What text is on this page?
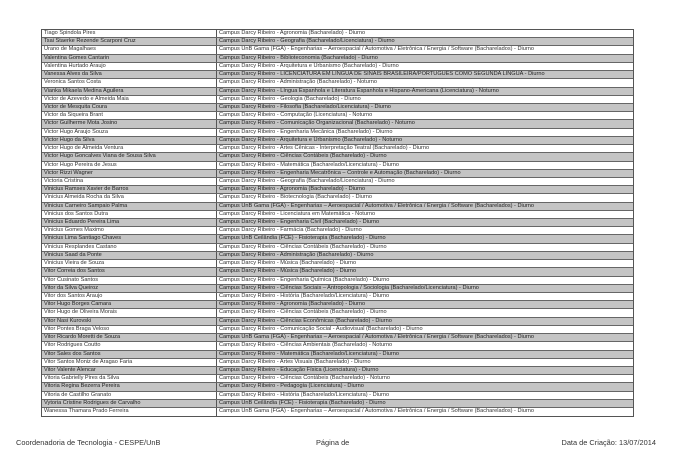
Tiago Spindola Pires	Campus Darcy Ribeiro - Agronomia (Bacharelado) - Diurno
Tsai Staerke Rezende Scarponi Cruz	Campus Darcy Ribeiro - Geografia (Bacharelado/Licenciatura) - Diurno
Urano de Magalhaes	Campus UnB Gama (FGA) - Engenharias – Aeroespacial / Automotiva / Eletrônica / Energia / Software (Bacharelados) - Diurno
Valentina Gomes Cantarin	Campus Darcy Ribeiro - Biblioteconomia (Bacharelado) - Diurno
Valentina Hurtado Araujo	Campus Darcy Ribeiro - Arquitetura e Urbanismo (Bacharelado) - Diurno
Vanessa Alves da Silva	Campus Darcy Ribeiro - LICENCIATURA EM LÍNGUA DE SINAIS BRASILEIRA/PORTUGUÊS COMO SEGUNDA LÍNGUA - Diurno
Veronica Santos Costa	Campus Darcy Ribeiro - Administração (Bacharelado) - Noturno
Vianka Mikaela Medina Aguilera	Campus Darcy Ribeiro - Língua Espanhola e Literatura Espanhola e Hispano-Americana (Licenciatura) - Noturno
Victor de Azevedo e Almeida Maia	Campus Darcy Ribeiro - Geologia (Bacharelado) - Diurno
Victor de Mesquita Coura	Campus Darcy Ribeiro - Filosofia (Bacharelado/Licenciatura) - Diurno
Victor da Siqueira Brant	Campus Darcy Ribeiro - Computação (Licenciatura) - Noturno
Victor Guilherme Mota Josino	Campus Darcy Ribeiro - Comunicação Organizacional (Bacharelado) - Noturno
Victor Hugo Araujo Souza	Campus Darcy Ribeiro - Engenharia Mecânica (Bacharelado) - Diurno
Victor Hugo da Silva	Campus Darcy Ribeiro - Arquitetura e Urbanismo (Bacharelado) - Noturno
Victor Hugo de Almeida Ventura	Campus Darcy Ribeiro - Artes Cênicas - Interpretação Teatral (Bacharelado) - Diurno
Victor Hugo Goncalves Viana de Sousa Silva	Campus Darcy Ribeiro - Ciências Contábeis (Bacharelado) - Diurno
Victor Hugo Pereira de Jesus	Campus Darcy Ribeiro - Matemática (Bacharelado/Licenciatura) - Diurno
Victor Rizzi Wagner	Campus Darcy Ribeiro - Engenharia Mecatrônica – Controle e Automação (Bacharelado) - Diurno
Victoria Cristina	Campus Darcy Ribeiro - Geografia (Bacharelado/Licenciatura) - Diurno
Vinicius Ramses Xavier de Barros	Campus Darcy Ribeiro - Agronomia (Bacharelado) - Diurno
Vinicius Almeida Rocha da Silva	Campus Darcy Ribeiro - Biotecnologia (Bacharelado) - Diurno
Vinicius Carneiro Sampaio Palma	Campus UnB Gama (FGA) - Engenharias – Aeroespacial / Automotiva / Eletrônica / Energia / Software (Bacharelados) - Diurno
Vinicius dos Santos Dutra	Campus Darcy Ribeiro - Licenciatura em Matemática - Noturno
Vinicius Eduardo Pereira Lima	Campus Darcy Ribeiro - Engenharia Civil (Bacharelado) - Diurno
Vinicius Gomes Maximo	Campus Darcy Ribeiro - Farmácia (Bacharelado) - Diurno
Vinicius Lima Santiago Chaves	Campus UnB Ceilândia (FCE) - Fisioterapia (Bacharelado) - Diurno
Vinicius Resplandes Castano	Campus Darcy Ribeiro - Ciências Contábeis (Bacharelado) - Diurno
Vinicius Saad da Ponte	Campus Darcy Ribeiro - Administração (Bacharelado) - Diurno
Vinicius Vieira de Souza	Campus Darcy Ribeiro - Música (Bacharelado) - Diurno
Vitor Correia dos Santos	Campus Darcy Ribeiro - Música (Bacharelado) - Diurno
Vitor Cusinato Santos	Campus Darcy Ribeiro - Engenharia Química (Bacharelado) - Diurno
Vitor da Silva Queiroz	Campus Darcy Ribeiro - Ciências Sociais – Antropologia / Sociologia (Bacharelado/Licenciatura) - Diurno
Vitor dos Santos Araujo	Campus Darcy Ribeiro - História (Bacharelado/Licenciatura) - Diurno
Vitor Hugo Borges Camara	Campus Darcy Ribeiro - Agronomia (Bacharelado) - Diurno
Vitor Hugo de Oliveira Morais	Campus Darcy Ribeiro - Ciências Contábeis (Bacharelado) - Diurno
Vitor Nasi Kurovski	Campus Darcy Ribeiro - Ciências Econômicas (Bacharelado) - Diurno
Vitor Pontes Braga Veloso	Campus Darcy Ribeiro - Comunicação Social - Audiovisual (Bacharelado) - Diurno
Vitor Ricardo Moretti de Souza	Campus UnB Gama (FGA) - Engenharias – Aeroespacial / Automotiva / Eletrônica / Energia / Software (Bacharelados) - Diurno
Vitor Rodrigues Coutto	Campus Darcy Ribeiro - Ciências Ambientais (Bacharelado) - Noturno
Vitor Sales dos Santos	Campus Darcy Ribeiro - Matemática (Bacharelado/Licenciatura) - Diurno
Vitor Santos Moniz de Aragao Faria	Campus Darcy Ribeiro - Artes Visuais (Bacharelado) - Diurno
Vitor Valente Alencar	Campus Darcy Ribeiro - Educação Física (Licenciatura) - Diurno
Vitoria Gabrielly Pires da Silva	Campus Darcy Ribeiro - Ciências Contábeis (Bacharelado) - Noturno
Vitoria Regina Bezerra Pereira	Campus Darcy Ribeiro - Pedagogia (Licenciatura) - Diurno
Vitoria de Castilho Granato	Campus Darcy Ribeiro - História (Bacharelado/Licenciatura) - Diurno
Vytoria Cristine Rodrigues de Carvalho	Campus UnB Ceilândia (FCE) - Fisioterapia (Bacharelado) - Diurno
Wanessa Thamara Prado Ferreira	Campus UnB Gama (FGA) - Engenharias – Aeroespacial / Automotiva / Eletrônica / Energia / Software (Bacharelados) - Diurno
Coordenadoria de Tecnologia - CESPE/UnB	Página de	Data de Criação: 13/07/2014
